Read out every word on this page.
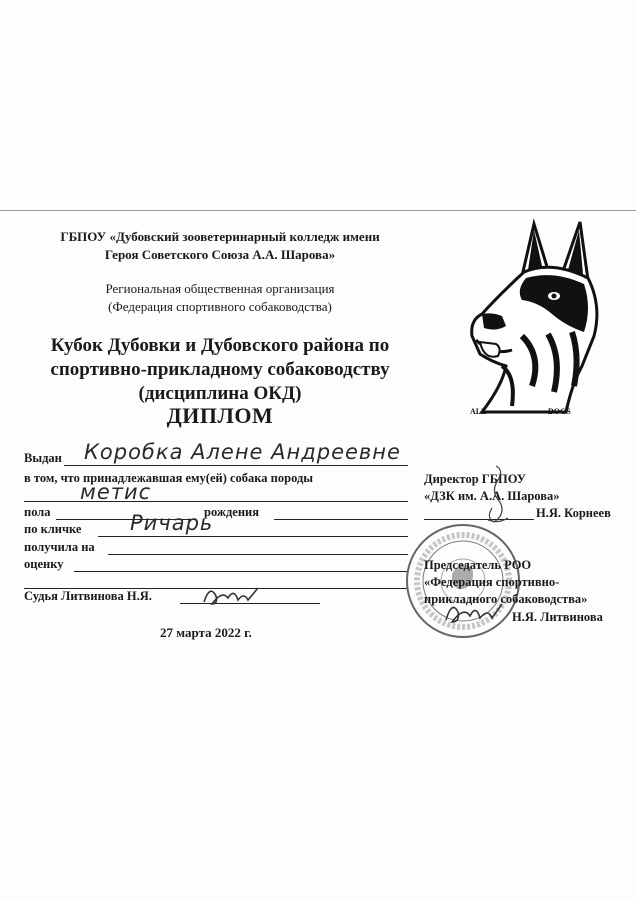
ГБПОУ «Дубовский зооветеринарный колледж имени
Героя Советского Союза А.А. Шарова»
Региональная общественная организация
(Федерация спортивного собаководства)
Кубок Дубовки и Дубовского района по
спортивно-прикладному собаководству
(дисциплина ОКД)
ДИПЛОМ	ALL	DOGS
Выдан Коробка Алене Андреевне
в том, что принадлежавшая ему(ей) собака породы
метис
пола	рождения
по кличке Ричарь
получила на
оценку
Судья Литвинова Н.Я.
27 марта 2022 г.
Директор ГБПОУ
«ДЗК им. А.А. Шарова»
Н.Я. Корнеев
Председатель РОО
«Федерация спортивно-
прикладного собаководства»
Н.Я. Литвинова
